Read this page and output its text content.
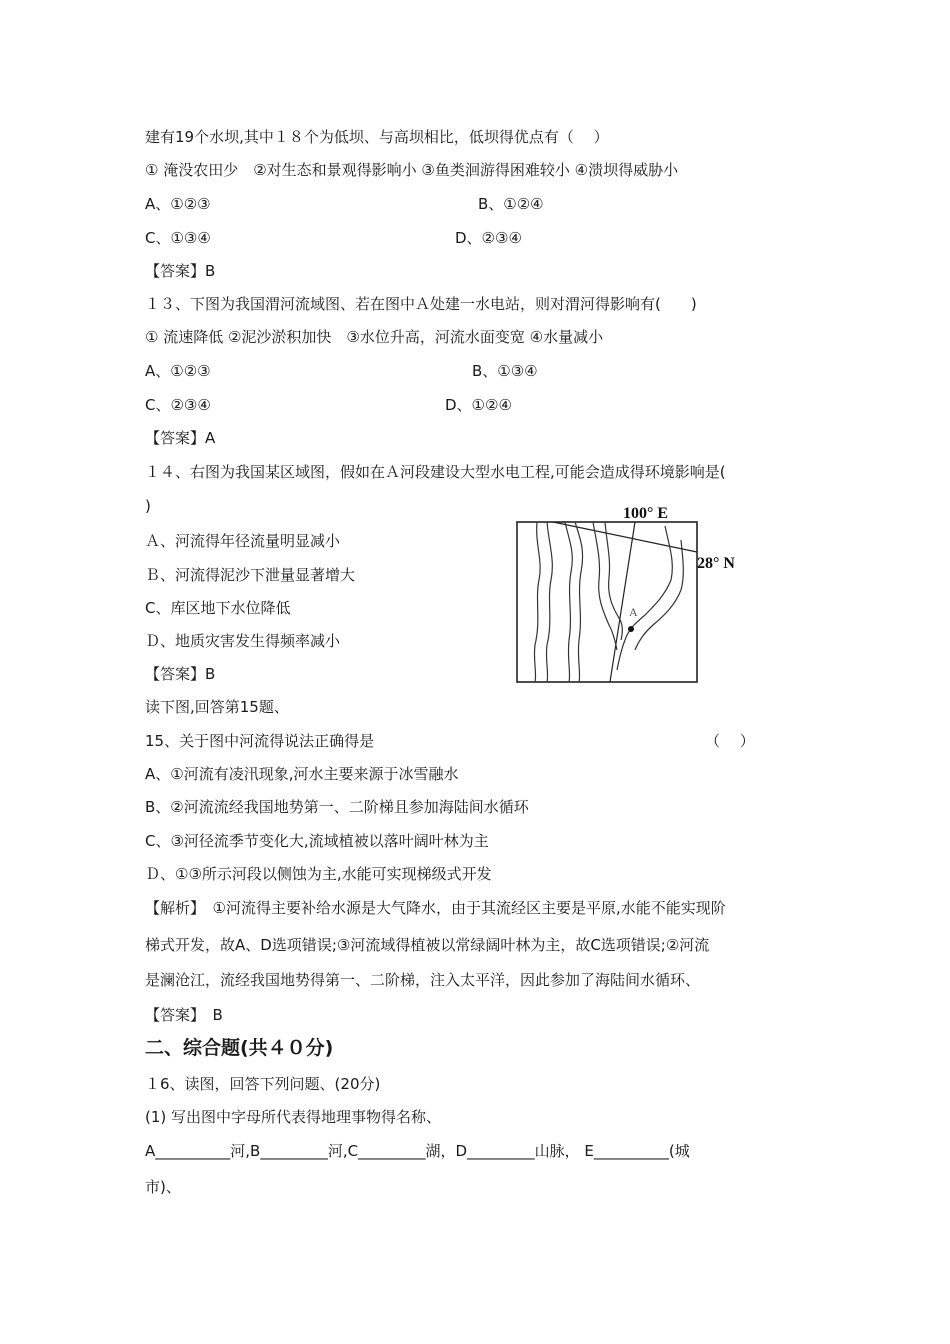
建有19个水坝,其中１８个为低坝、与高坝相比，低坝得优点有（　 ）
① 淹没农田少　②对生态和景观得影响小 ③鱼类洄游得困难较小 ④溃坝得威胁小
A、①②③	B、①②④
C、①③④	D、②③④
【答案】B
１３、下图为我国渭河流域图、若在图中Ａ处建一水电站，则对渭河得影响有(　　)
① 流速降低 ②泥沙淤积加快　③水位升高，河流水面变宽 ④水量减小
A、①②③	B、①③④
C、②③④	D、①②④
【答案】A
１４、右图为我国某区域图，假如在Ａ河段建设大型水电工程,可能会造成得环境影响是(
)
Ａ、河流得年径流量明显减小
Ｂ、河流得泥沙下泄量显著增大
C、库区地下水位降低
Ｄ、地质灾害发生得频率减小
【答案】B
100° E
28° N
A
读下图,回答第15题、
15、关于图中河流得说法正确得是	（　 ）
A、①河流有凌汛现象,河水主要来源于冰雪融水
B、②河流流经我国地势第一、二阶梯且参加海陆间水循环
C、③河径流季节变化大,流域植被以落叶阔叶林为主
Ｄ、①③所示河段以侧蚀为主,水能可实现梯级式开发
【解析】　①河流得主要补给水源是大气降水，由于其流经区主要是平原,水能不能实现阶
梯式开发，故A、D选项错误;③河流域得植被以常绿阔叶林为主，故C选项错误;②河流
是澜沧江，流经我国地势得第一、二阶梯，注入太平洋，因此参加了海陆间水循环、
【答案】　B
二、综合题(共４０分)
１6、读图，回答下列问题、(20分)
(1) 写出图中字母所代表得地理事物得名称、
A__________河,B_________河,C_________湖，D_________山脉， E__________(城
市)、
